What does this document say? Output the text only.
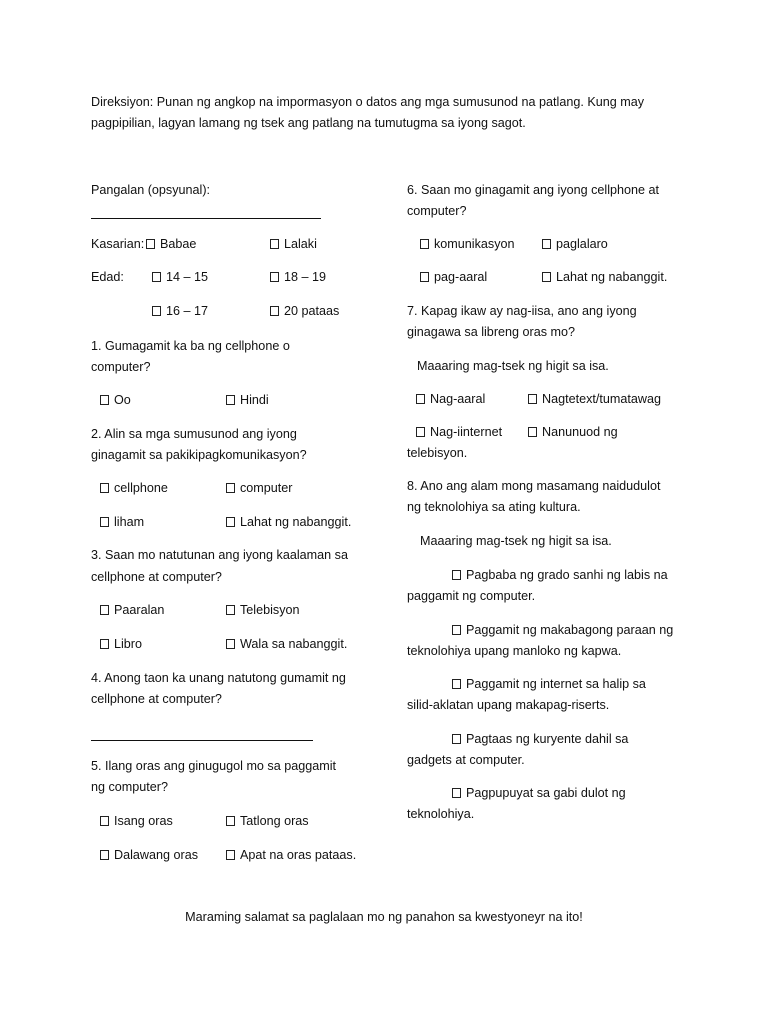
Direksiyon: Punan ng angkop na impormasyon o datos ang mga sumusunod na patlang. Kung may
pagpipilian, lagyan lamang ng tsek ang patlang na tumutugma sa iyong sagot.
Pangalan (opsyunal):
Kasarian:	Babae	Lalaki
Edad:	14 – 15	18 – 19
16 – 17	20 pataas
1. Gumagamit ka ba ng cellphone o
computer?
Oo	Hindi
2. Alin sa mga sumusunod ang iyong
ginagamit sa pakikipagkomunikasyon?
cellphone	computer
liham	Lahat ng nabanggit.
3. Saan mo natutunan ang iyong kaalaman sa
cellphone at computer?
Paaralan	Telebisyon
Libro	Wala sa nabanggit.
4. Anong taon ka unang natutong gumamit ng
cellphone at computer?
5. Ilang oras ang ginugugol mo sa paggamit
ng computer?
Isang oras	Tatlong oras
Dalawang oras	Apat na oras pataas.
6. Saan mo ginagamit ang iyong cellphone at
computer?
komunikasyon	paglalaro
pag-aaral	Lahat ng nabanggit.
7. Kapag ikaw ay nag-iisa, ano ang iyong
ginagawa sa libreng oras mo?
Maaaring mag-tsek ng higit sa isa.
Nag-aaral	Nagtetext/tumatawag
Nag-iinternet	Nanunuod ng
telebisyon.
8. Ano ang alam mong masamang naidudulot
ng teknolohiya sa ating kultura.
Maaaring mag-tsek ng higit sa isa.
Pagbaba ng grado sanhi ng labis na
paggamit ng computer.
Paggamit ng makabagong paraan ng
teknolohiya upang manloko ng kapwa.
Paggamit ng internet sa halip sa
silid-aklatan upang makapag-riserts.
Pagtaas ng kuryente dahil sa
gadgets at computer.
Pagpupuyat sa gabi dulot ng
teknolohiya.
Maraming salamat sa paglalaan mo ng panahon sa kwestyoneyr na ito!
